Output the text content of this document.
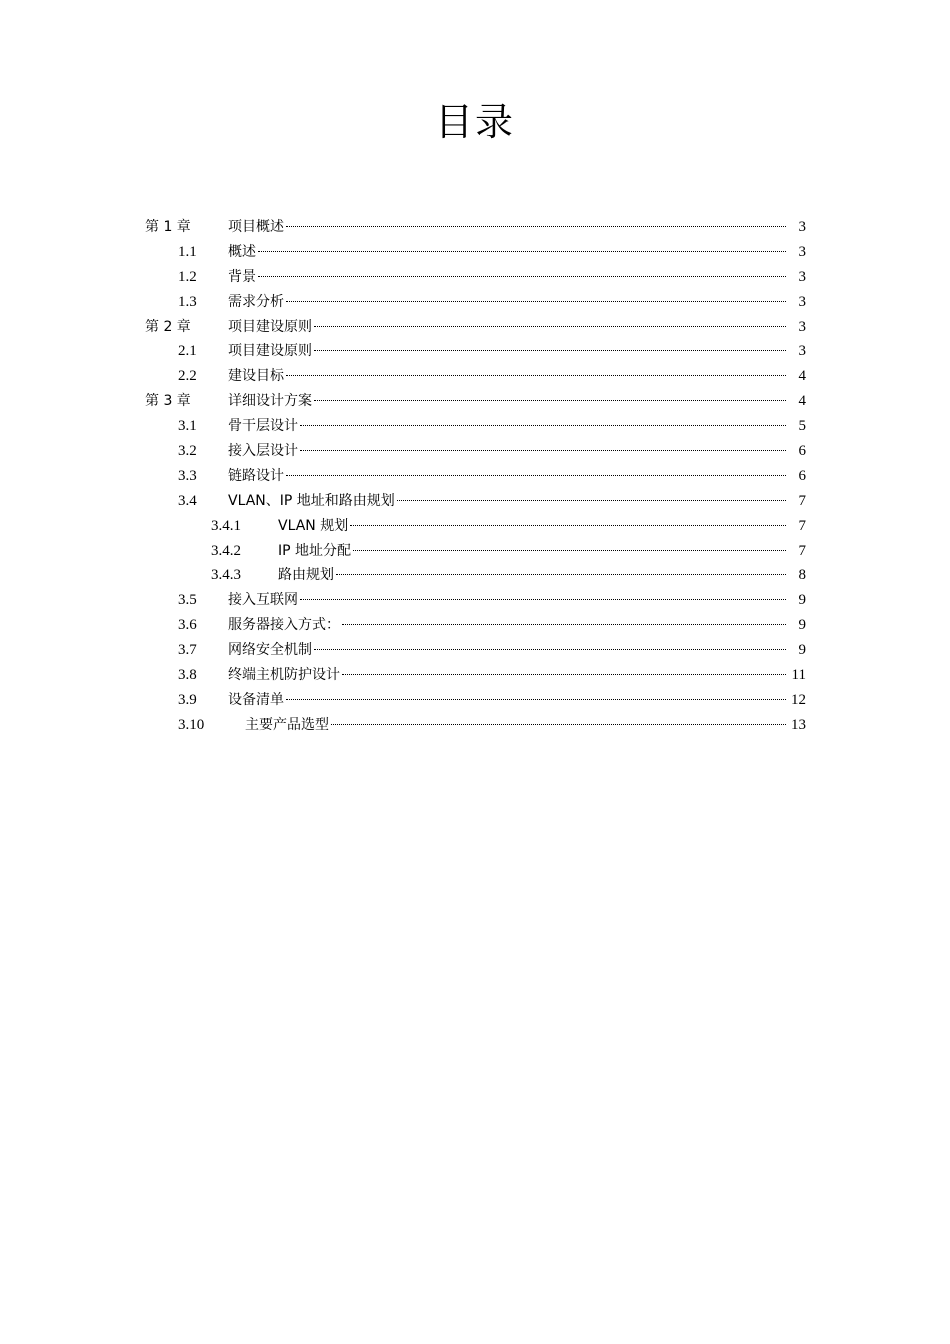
目录
第 1 章	项目概述	3
1.1 概述	3
1.2 背景	3
1.3 需求分析	3
第 2 章	项目建设原则	3
2.1 项目建设原则	3
2.2 建设目标	4
第 3 章	详细设计方案	4
3.1 骨干层设计	5
3.2 接入层设计	6
3.3 链路设计	6
3.4 VLAN、IP 地址和路由规划	7
3.4.1	VLAN 规划	7
3.4.2	IP 地址分配	7
3.4.3	路由规划	8
3.5 接入互联网	9
3.6 服务器接入方式：	9
3.7 网络安全机制	9
3.8 终端主机防护设计	11
3.9 设备清单	12
3.10	主要产品选型	13
